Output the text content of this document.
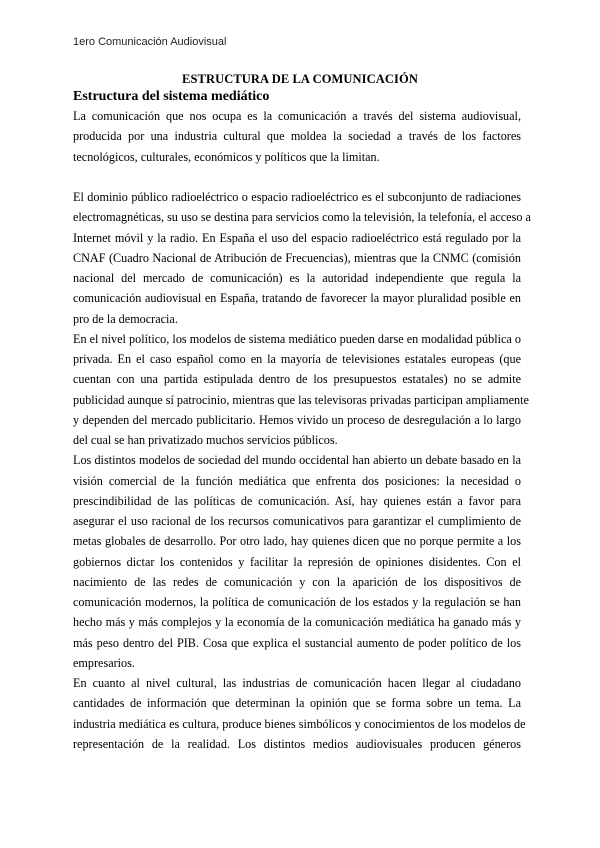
1ero Comunicación Audiovisual
ESTRUCTURA DE LA COMUNICACIÓN
Estructura del sistema mediático

La comunicación que nos ocupa es la comunicación a través del sistema audiovisual,
producida por una industria cultural que moldea la sociedad a través de los factores
tecnológicos, culturales, económicos y políticos que la limitan.

El dominio público radioeléctrico o espacio radioeléctrico es el subconjunto de radiaciones
electromagnéticas, su uso se destina para servicios como la televisión, la telefonía, el acceso a
Internet móvil y la radio. En España el uso del espacio radioeléctrico está regulado por la
CNAF (Cuadro Nacional de Atribución de Frecuencias), mientras que la CNMC (comisión
nacional del mercado de comunicación) es la autoridad independiente que regula la
comunicación audiovisual en España, tratando de favorecer la mayor pluralidad posible en
pro de la democracia.

En el nivel político, los modelos de sistema mediático pueden darse en modalidad pública o
privada. En el caso español como en la mayoría de televisiones estatales europeas (que
cuentan con una partida estipulada dentro de los presupuestos estatales) no se admite
publicidad aunque sí patrocinio, mientras que las televisoras privadas participan ampliamente
y dependen del mercado publicitario. Hemos vivido un proceso de desregulación a lo largo
del cual se han privatizado muchos servicios públicos.

Los distintos modelos de sociedad del mundo occidental han abierto un debate basado en la
visión comercial de la función mediática que enfrenta dos posiciones: la necesidad o
prescindibilidad de las políticas de comunicación. Así, hay quienes están a favor para
asegurar el uso racional de los recursos comunicativos para garantizar el cumplimiento de
metas globales de desarrollo. Por otro lado, hay quienes dicen que no porque permite a los
gobiernos dictar los contenidos y facilitar la represión de opiniones disidentes. Con el
nacimiento de las redes de comunicación y con la aparición de los dispositivos de
comunicación modernos, la política de comunicación de los estados y la regulación se han
hecho más y más complejos y la economía de la comunicación mediática ha ganado más y
más peso dentro del PIB. Cosa que explica el sustancial aumento de poder político de los
empresarios.

En cuanto al nivel cultural, las industrias de comunicación hacen llegar al ciudadano
cantidades de información que determinan la opinión que se forma sobre un tema. La
industria mediática es cultura, produce bienes simbólicos y conocimientos de los modelos de
representación de la realidad. Los distintos medios audiovisuales producen géneros
